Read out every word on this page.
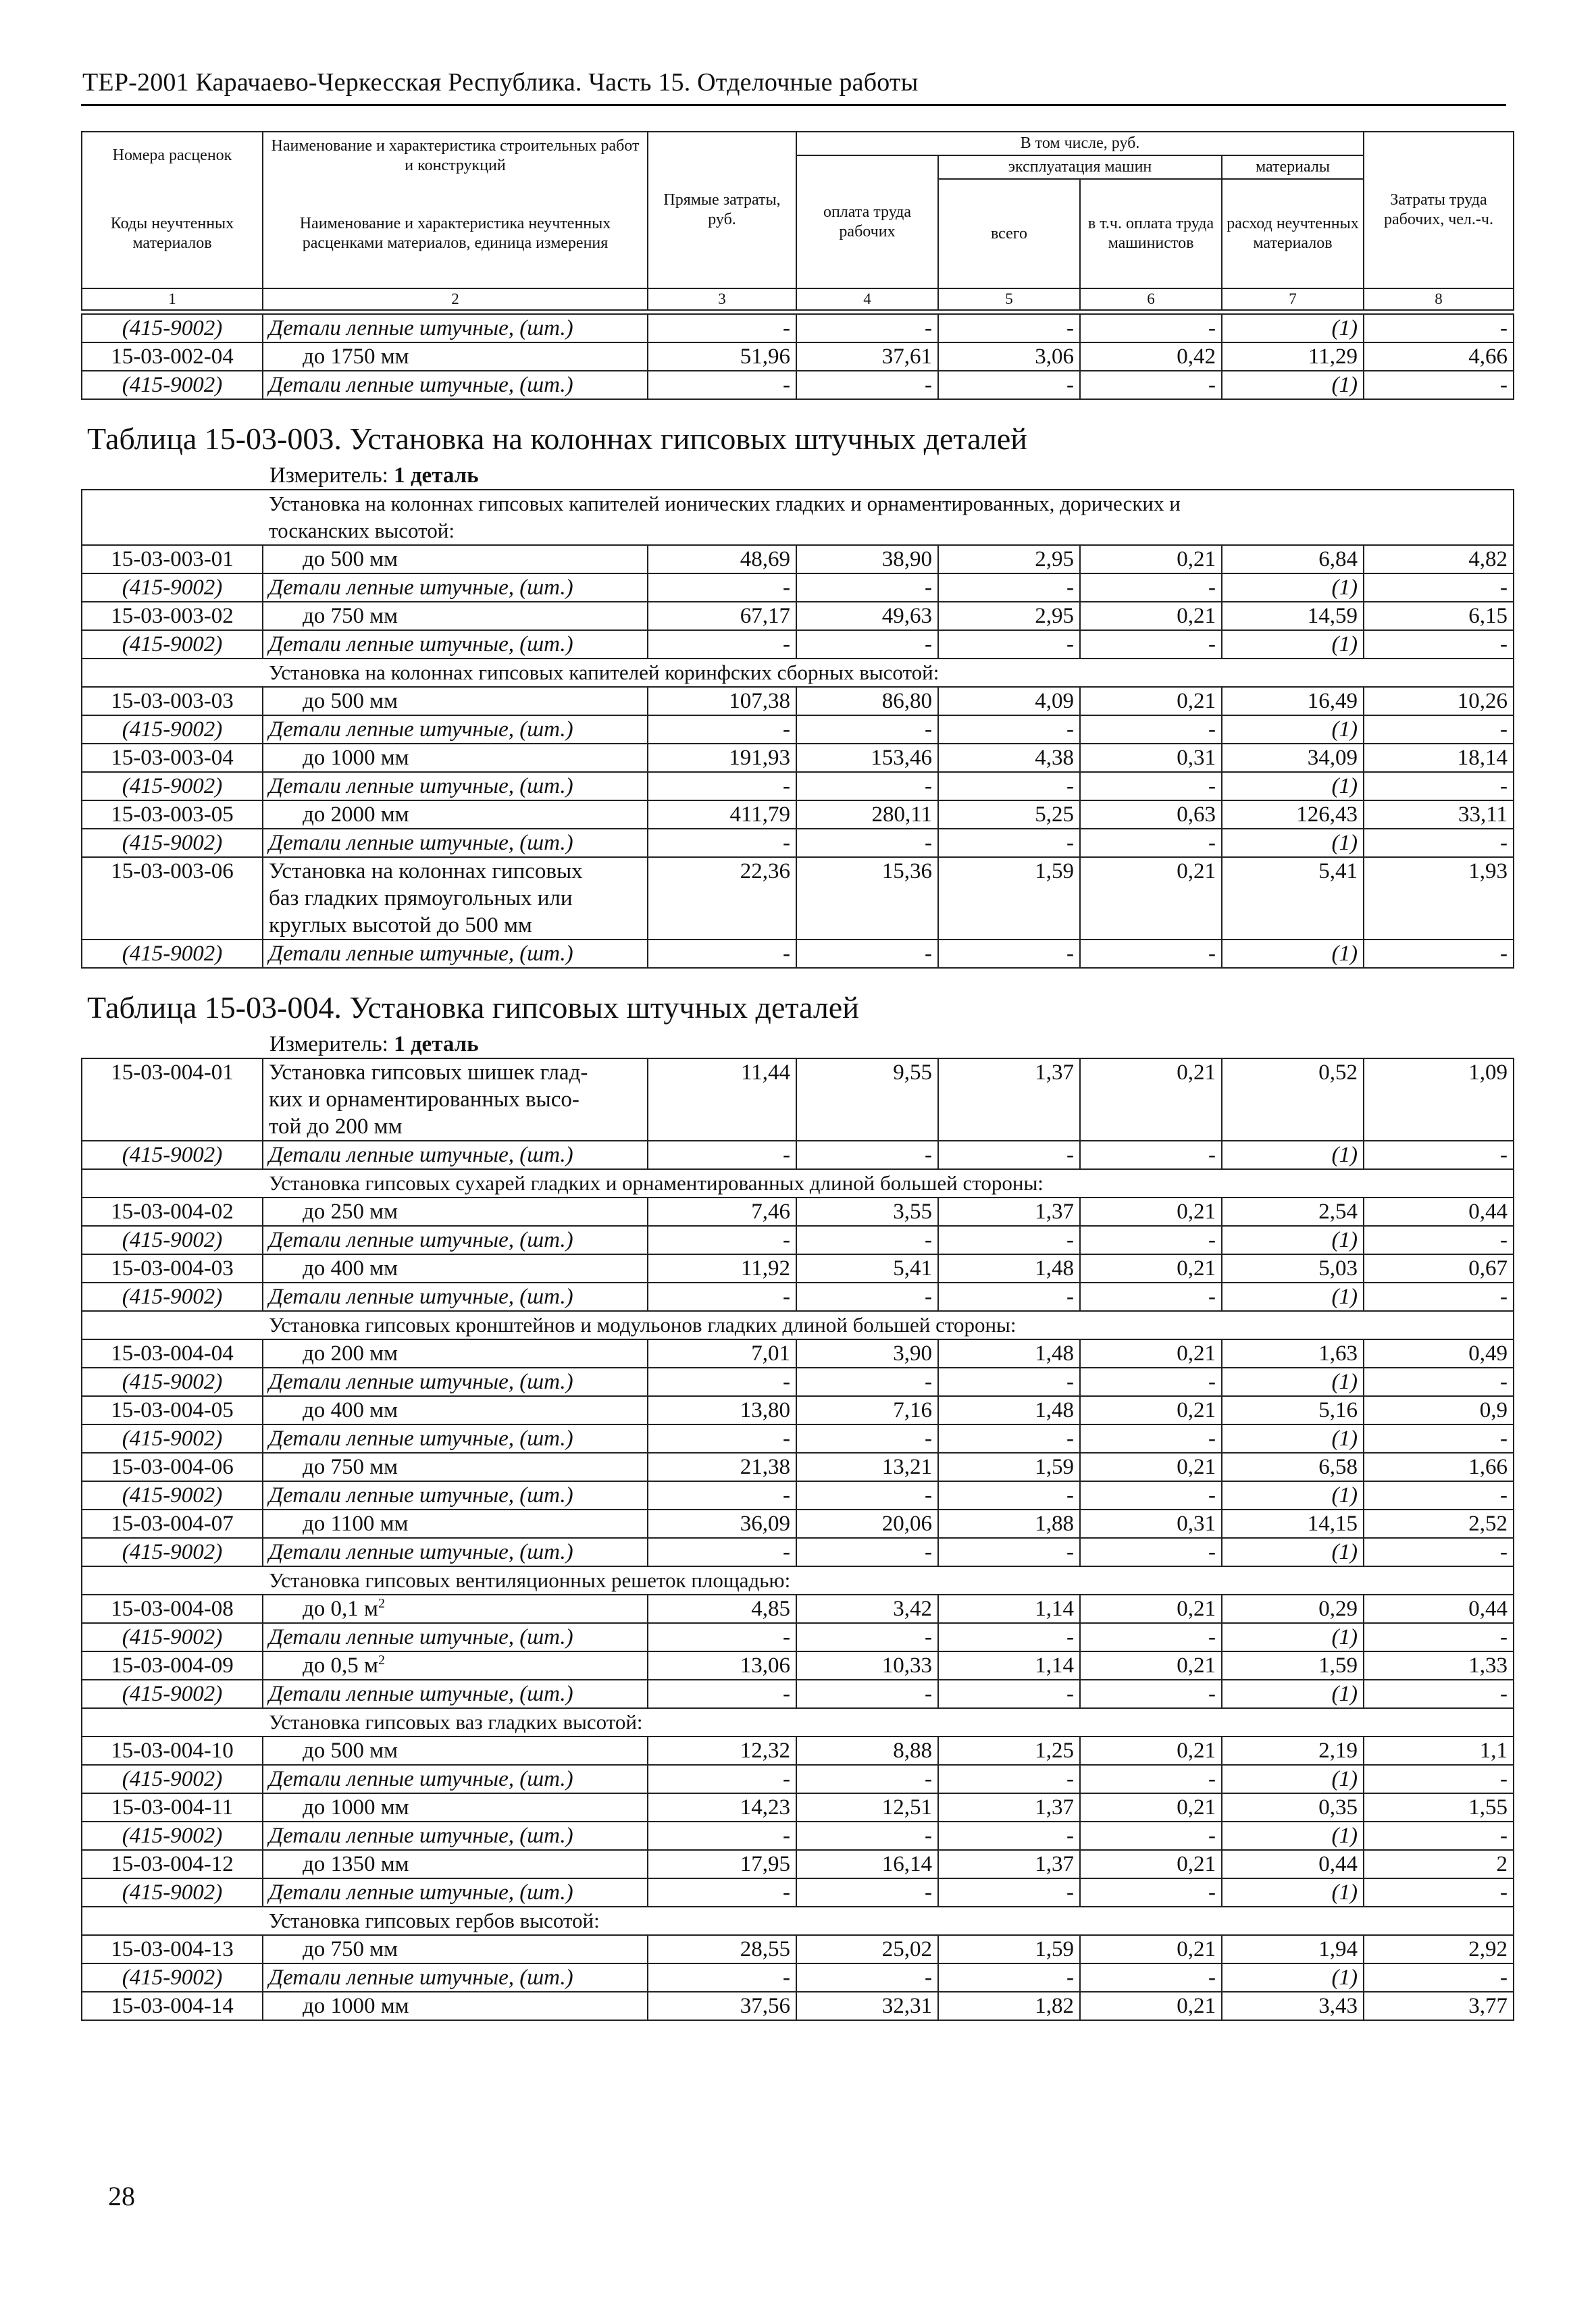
ТЕР-2001 Карачаево-Черкесская Республика. Часть 15. Отделочные работы
Номера расценок	Наименование и характеристика строительных работ и конструкций	Прямые затраты, руб.	В том числе, руб.				Затраты труда рабочих, чел.-ч.
			оплата труда рабочих	эксплуатация машин		материалы	
Коды неучтенных материалов	Наименование и характеристика неучтенных расценками материалов, единица измерения			всего	в т.ч. оплата труда машинистов	расход неучтенных материалов	

1	2	3	4	5	6	7	8
(415-9002)	Детали лепные штучные, (шт.)	-	-	-	-	(1)	-
15-03-002-04	до 1750 мм	51,96	37,61	3,06	0,42	11,29	4,66
(415-9002)	Детали лепные штучные, (шт.)	-	-	-	-	(1)	-
Таблица 15-03-003. Установка на колоннах гипсовых штучных деталей							
Измеритель: 1 деталь							

Установка на колоннах гипсовых капителей ионических гладких и орнаментированных, дорических и
тосканских высотой:							

15-03-003-01	до 500 мм	48,69	38,90	2,95	0,21	6,84	4,82
(415-9002)	Детали лепные штучные, (шт.)	-	-	-	-	(1)	-
15-03-003-02	до 750 мм	67,17	49,63	2,95	0,21	14,59	6,15
(415-9002)	Детали лепные штучные, (шт.)	-	-	-	-	(1)	-
Установка на колоннах гипсовых капителей коринфских сборных высотой:							
15-03-003-03	до 500 мм	107,38	86,80	4,09	0,21	16,49	10,26
(415-9002)	Детали лепные штучные, (шт.)	-	-	-	-	(1)	-
15-03-003-04	до 1000 мм	191,93	153,46	4,38	0,31	34,09	18,14
(415-9002)	Детали лепные штучные, (шт.)	-	-	-	-	(1)	-
15-03-003-05	до 2000 мм	411,79	280,11	5,25	0,63	126,43	33,11
(415-9002)	Детали лепные штучные, (шт.)	-	-	-	-	(1)	-
15-03-003-06	Установка на колоннах гипсовых
баз гладких прямоугольных или
круглых высотой до 500 мм	22,36	15,36	1,59	0,21	5,41	1,93
(415-9002)	Детали лепные штучные, (шт.)	-	-	-	-	(1)	-
Таблица 15-03-004. Установка гипсовых штучных деталей							
Измеритель: 1 деталь							
15-03-004-01	Установка гипсовых шишек глад-
ких и орнаментированных высо-
той до 200 мм	11,44	9,55	1,37	0,21	0,52	1,09
(415-9002)	Детали лепные штучные, (шт.)	-	-	-	-	(1)	-
Установка гипсовых сухарей гладких и орнаментированных длиной большей стороны:							
15-03-004-02	до 250 мм	7,46	3,55	1,37	0,21	2,54	0,44
(415-9002)	Детали лепные штучные, (шт.)	-	-	-	-	(1)	-
15-03-004-03	до 400 мм	11,92	5,41	1,48	0,21	5,03	0,67
(415-9002)	Детали лепные штучные, (шт.)	-	-	-	-	(1)	-
Установка гипсовых кронштейнов и модульонов гладких длиной большей стороны:							
15-03-004-04	до 200 мм	7,01	3,90	1,48	0,21	1,63	0,49
(415-9002)	Детали лепные штучные, (шт.)	-	-	-	-	(1)	-
15-03-004-05	до 400 мм	13,80	7,16	1,48	0,21	5,16	0,9
(415-9002)	Детали лепные штучные, (шт.)	-	-	-	-	(1)	-
15-03-004-06	до 750 мм	21,38	13,21	1,59	0,21	6,58	1,66
(415-9002)	Детали лепные штучные, (шт.)	-	-	-	-	(1)	-
15-03-004-07	до 1100 мм	36,09	20,06	1,88	0,31	14,15	2,52
(415-9002)	Детали лепные штучные, (шт.)	-	-	-	-	(1)	-
Установка гипсовых вентиляционных решеток площадью:							
15-03-004-08	до 0,1 $м^2$	4,85	3,42	1,14	0,21	0,29	0,44
(415-9002)	Детали лепные штучные, (шт.)	-	-	-	-	(1)	-
15-03-004-09	до 0,5 $м^2$	13,06	10,33	1,14	0,21	1,59	1,33
(415-9002)	Детали лепные штучные, (шт.)	-	-	-	-	(1)	-
Установка гипсовых ваз гладких высотой:							
15-03-004-10	до 500 мм	12,32	8,88	1,25	0,21	2,19	1,1
(415-9002)	Детали лепные штучные, (шт.)	-	-	-	-	(1)	-
15-03-004-11	до 1000 мм	14,23	12,51	1,37	0,21	0,35	1,55
(415-9002)	Детали лепные штучные, (шт.)	-	-	-	-	(1)	-
15-03-004-12	до 1350 мм	17,95	16,14	1,37	0,21	0,44	2
(415-9002)	Детали лепные штучные, (шт.)	-	-	-	-	(1)	-
Установка гипсовых гербов высотой:							
15-03-004-13	до 750 мм	28,55	25,02	1,59	0,21	1,94	2,92
(415-9002)	Детали лепные штучные, (шт.)	-	-	-	-	(1)	-
15-03-004-14	до 1000 мм	37,56	32,31	1,82	0,21	3,43	3,77
28
